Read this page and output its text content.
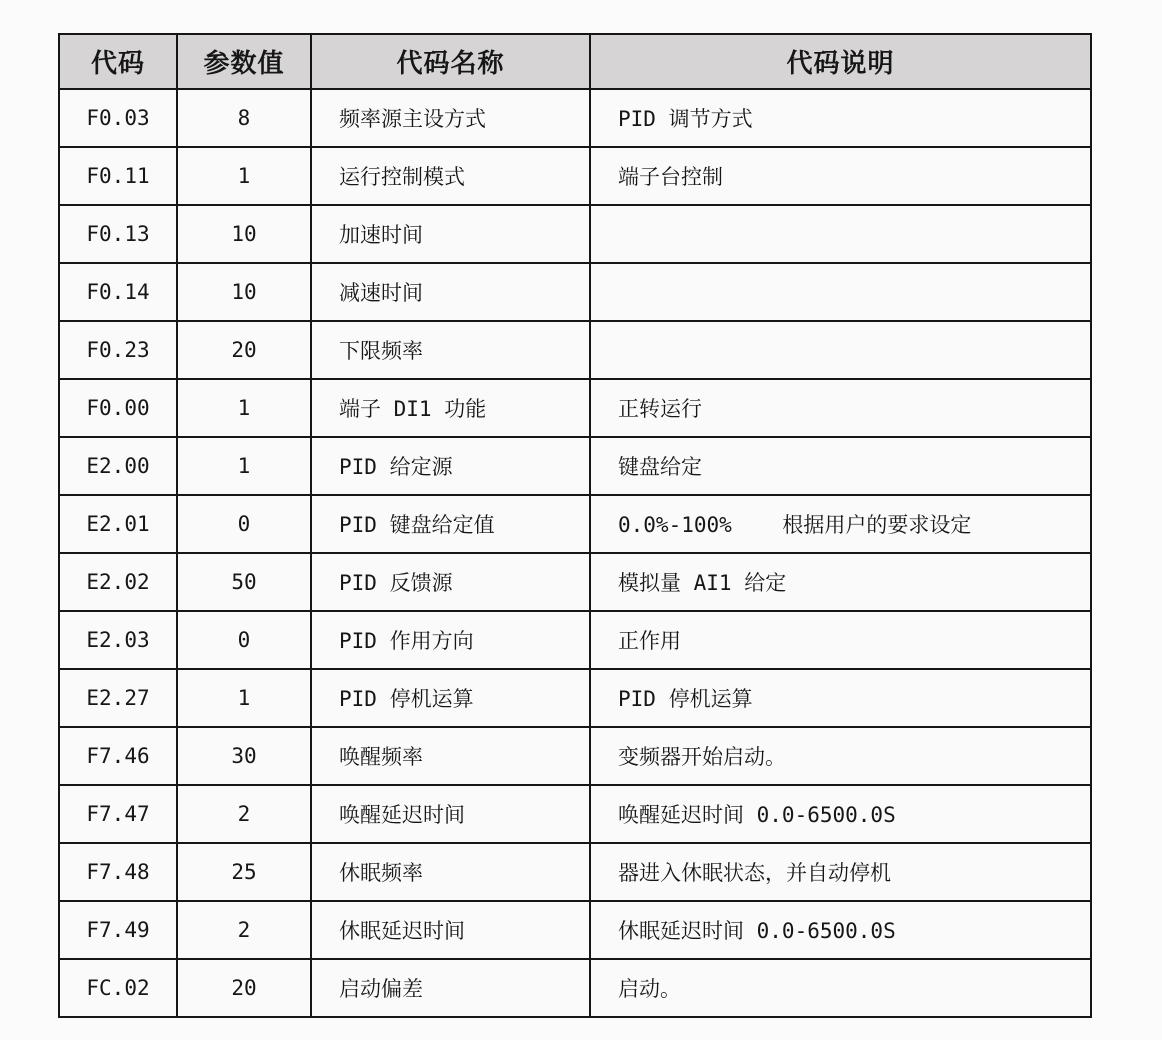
代码	参数值	代码名称	代码说明
F0.03	8	频率源主设方式	PID 调节方式
F0.11	1	运行控制模式	端子台控制
F0.13	10	加速时间	
F0.14	10	减速时间	
F0.23	20	下限频率	
F0.00	1	端子 DI1 功能	正转运行
E2.00	1	PID 给定源	键盘给定
E2.01	0	PID 键盘给定值	0.0%-100%    根据用户的要求设定
E2.02	50	PID 反馈源	模拟量 AI1 给定
E2.03	0	PID 作用方向	正作用
E2.27	1	PID 停机运算	PID 停机运算
F7.46	30	唤醒频率	变频器开始启动。
F7.47	2	唤醒延迟时间	唤醒延迟时间 0.0-6500.0S
F7.48	25	休眠频率	器进入休眠状态，并自动停机
F7.49	2	休眠延迟时间	休眠延迟时间 0.0-6500.0S
FC.02	20	启动偏差	启动。
